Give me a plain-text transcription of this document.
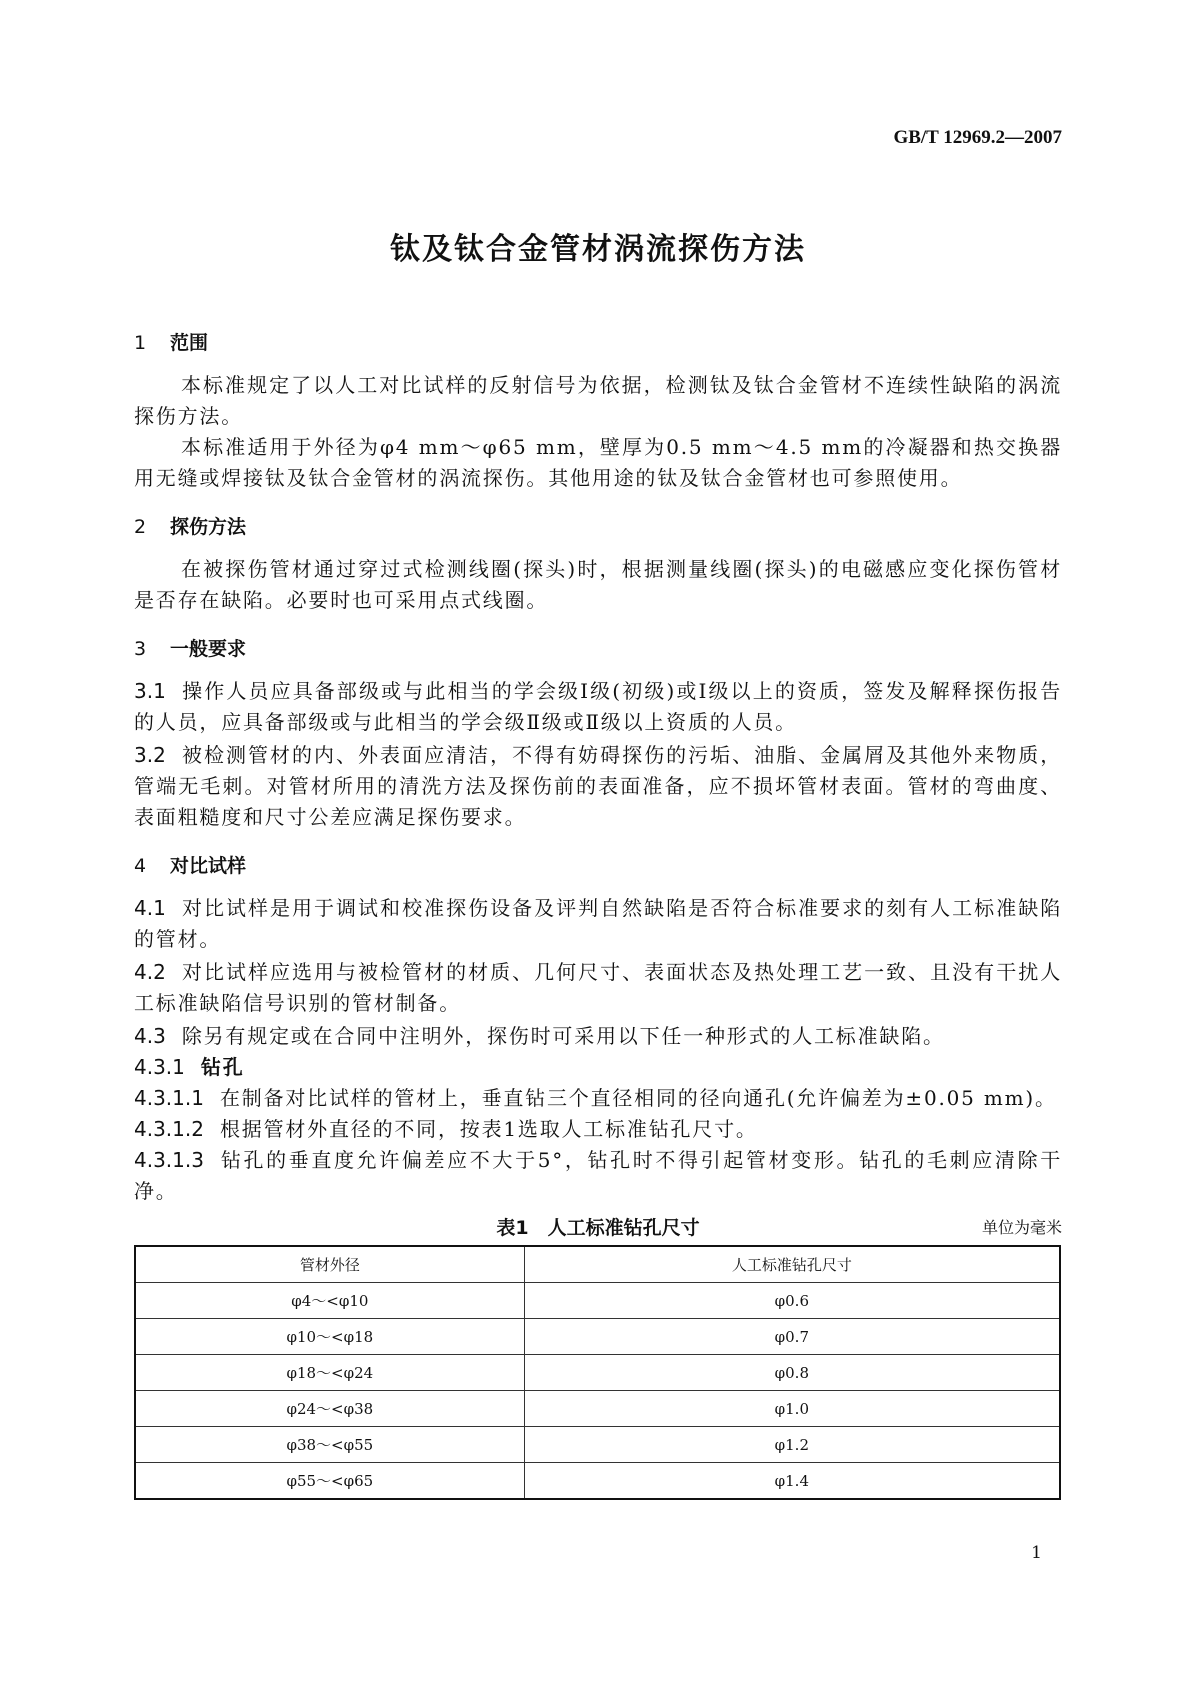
GB/T 12969.2—2007
钛及钛合金管材涡流探伤方法
1 范围
本标准规定了以人工对比试样的反射信号为依据，检测钛及钛合金管材不连续性缺陷的涡流探伤方法。
本标准适用于外径为φ4 mm～φ65 mm，壁厚为0.5 mm～4.5 mm的冷凝器和热交换器用无缝或焊接钛及钛合金管材的涡流探伤。其他用途的钛及钛合金管材也可参照使用。
2 探伤方法
在被探伤管材通过穿过式检测线圈(探头)时，根据测量线圈(探头)的电磁感应变化探伤管材是否存在缺陷。必要时也可采用点式线圈。
3 一般要求
3.1 操作人员应具备部级或与此相当的学会级Ⅰ级(初级)或Ⅰ级以上的资质，签发及解释探伤报告的人员，应具备部级或与此相当的学会级Ⅱ级或Ⅱ级以上资质的人员。
3.2 被检测管材的内、外表面应清洁，不得有妨碍探伤的污垢、油脂、金属屑及其他外来物质，管端无毛刺。对管材所用的清洗方法及探伤前的表面准备，应不损坏管材表面。管材的弯曲度、表面粗糙度和尺寸公差应满足探伤要求。
4 对比试样
4.1 对比试样是用于调试和校准探伤设备及评判自然缺陷是否符合标准要求的刻有人工标准缺陷的管材。
4.2 对比试样应选用与被检管材的材质、几何尺寸、表面状态及热处理工艺一致、且没有干扰人工标准缺陷信号识别的管材制备。
4.3 除另有规定或在合同中注明外，探伤时可采用以下任一种形式的人工标准缺陷。
4.3.1 钻孔
4.3.1.1 在制备对比试样的管材上，垂直钻三个直径相同的径向通孔(允许偏差为±0.05 mm)。
4.3.1.2 根据管材外直径的不同，按表1选取人工标准钻孔尺寸。
4.3.1.3 钻孔的垂直度允许偏差应不大于5°，钻孔时不得引起管材变形。钻孔的毛刺应清除干净。
表1　人工标准钻孔尺寸	单位为毫米
管材外径	人工标准钻孔尺寸
φ4～<φ10	φ0.6
φ10～<φ18	φ0.7
φ18～<φ24	φ0.8
φ24～<φ38	φ1.0
φ38～<φ55	φ1.2
φ55～<φ65	φ1.4
1
